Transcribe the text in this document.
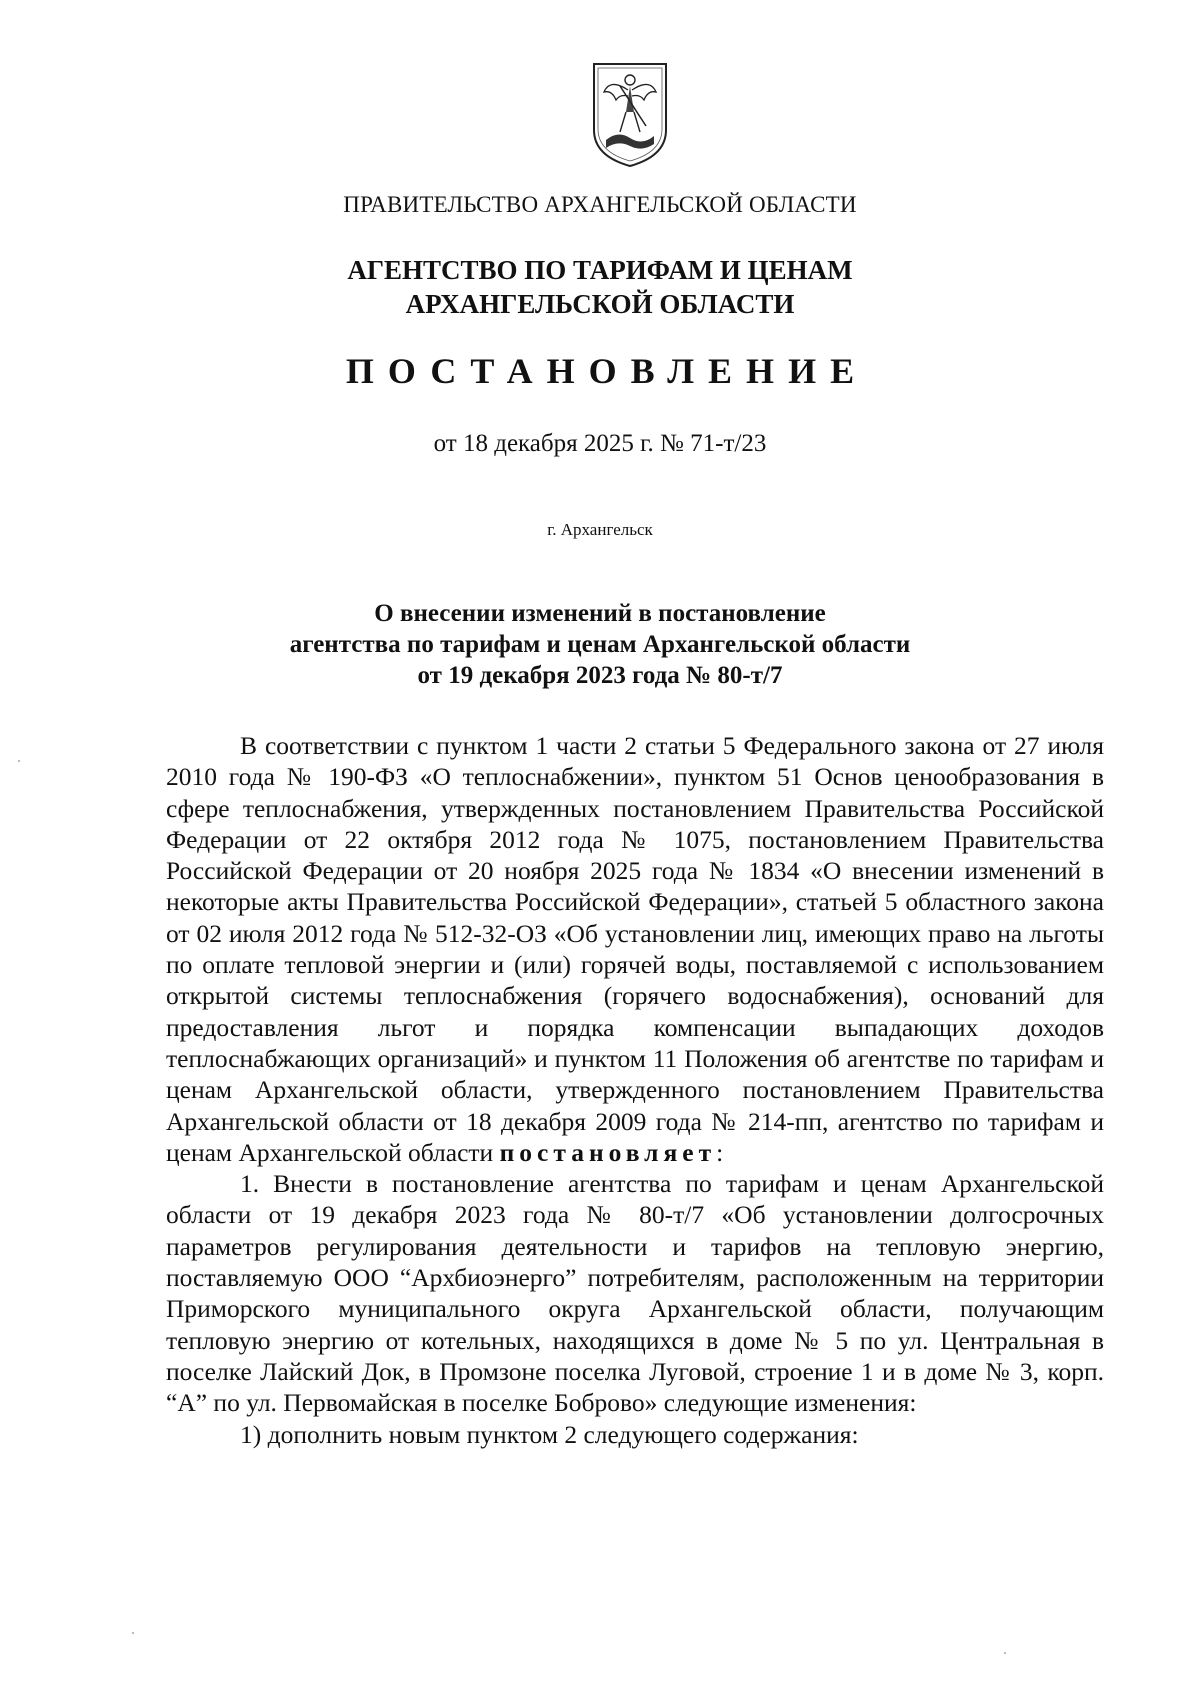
ПРАВИТЕЛЬСТВО АРХАНГЕЛЬСКОЙ ОБЛАСТИ
АГЕНТСТВО ПО ТАРИФАМ И ЦЕНАМ
АРХАНГЕЛЬСКОЙ ОБЛАСТИ
ПОСТАНОВЛЕНИЕ
от 18 декабря 2025 г. № 71-т/23
г. Архангельск
О внесении изменений в постановление
агентства по тарифам и ценам Архангельской области
от 19 декабря 2023 года № 80-т/7

В соответствии с пунктом 1 части 2 статьи 5 Федерального закона от 27 июля 2010 года № 190-ФЗ «О теплоснабжении», пунктом 51 Основ ценообразования в сфере теплоснабжения, утвержденных постановлением Правительства Российской Федерации от 22 октября 2012 года № 1075, постановлением Правительства Российской Федерации от 20 ноября 2025 года № 1834 «О внесении изменений в некоторые акты Правительства Российской Федерации», статьей 5 областного закона от 02 июля 2012 года № 512-32-ОЗ «Об установлении лиц, имеющих право на льготы по оплате тепловой энергии и (или) горячей воды, поставляемой с использованием открытой системы теплоснабжения (горячего водоснабжения), оснований для предоставления льгот и порядка компенсации выпадающих доходов теплоснабжающих организаций» и пунктом 11 Положения об агентстве по тарифам и ценам Архангельской области, утвержденного постановлением Правительства Архангельской области от 18 декабря 2009 года № 214-пп, агентство по тарифам и ценам Архангельской области постановляет:

1. Внести в постановление агентства по тарифам и ценам Архангельской области от 19 декабря 2023 года № 80-т/7 «Об установлении долгосрочных параметров регулирования деятельности и тарифов на тепловую энергию, поставляемую ООО “Архбиоэнерго” потребителям, расположенным на территории Приморского муниципального округа Архангельской области, получающим тепловую энергию от котельных, находящихся в доме № 5 по ул. Центральная в поселке Лайский Док, в Промзоне поселка Луговой, строение 1 и в доме № 3, корп. “А” по ул. Первомайская в поселке Боброво» следующие изменения:

1) дополнить новым пунктом 2 следующего содержания:
